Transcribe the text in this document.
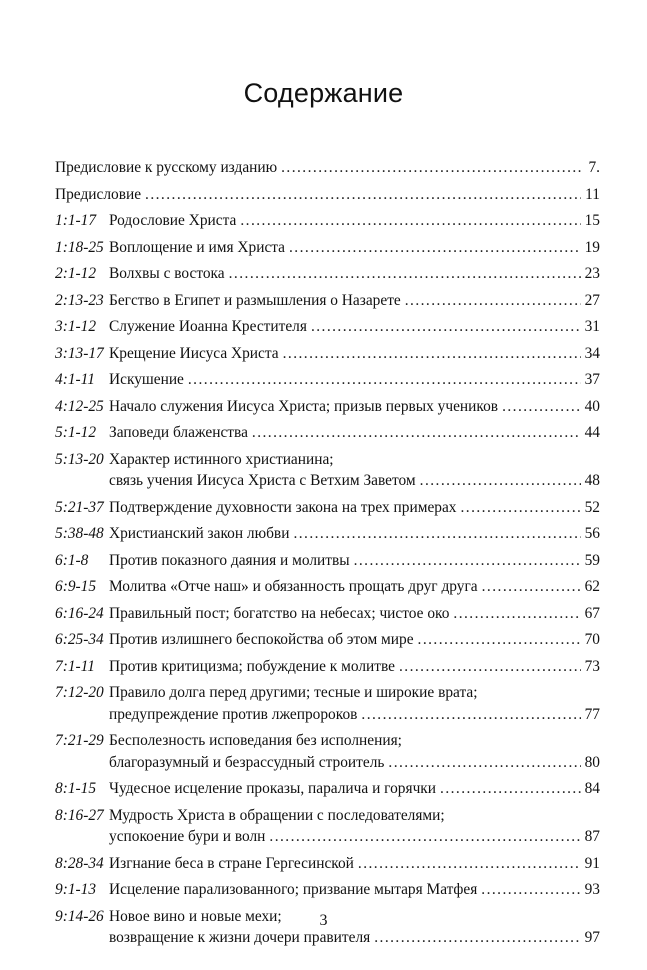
Содержание
Предисловие к русскому изданию . . .	7.
Предисловие . . .	11
1:1-17 Родословие Христа . . .	15
1:18-25 Воплощение и имя Христа . . .	19
2:1-12 Волхвы с востока . . .	23
2:13-23 Бегство в Египет и размышления о Назарете . . .	27
3:1-12 Служение Иоанна Крестителя . . .	31
3:13-17 Крещение Иисуса Христа . . .	34
4:1-11 Искушение . . .	37
4:12-25 Начало служения Иисуса Христа; призыв первых учеников . . .	40
5:1-12 Заповеди блаженства . . .	44
5:13-20 Характер истинного христианина;
связь учения Иисуса Христа с Ветхим Заветом . . .	48
5:21-37 Подтверждение духовности закона на трех примерах . . .	52
5:38-48 Христианский закон любви . . .	56
6:1-8	Против показного даяния и молитвы . . .	59
6:9-15 Молитва «Отче наш» и обязанность прощать друг друга . . .	62
6:16-24 Правильный пост; богатство на небесах; чистое око . . .	67
6:25-34 Против излишнего беспокойства об этом мире . . .	70
7:1-11 Против критицизма; побуждение к молитве . . .	73
7:12-20 Правило долга перед другими; тесные и широкие врата;
предупреждение против лжепророков . . .	77
7:21-29 Бесполезность исповедания без исполнения;
благоразумный и безрассудный строитель . . .	80
8:1-15 Чудесное исцеление проказы, паралича и горячки . . .	84
8:16-27 Мудрость Христа в обращении с последователями;
успокоение бури и волн . . .	87
8:28-34 Изгнание беса в стране Гергесинской . . .	91
9:1-13 Исцеление парализованного; призвание мытаря Матфея . . .	93
9:14-26 Новое вино и новые мехи;
возвращение к жизни дочери правителя . . .	97
3
